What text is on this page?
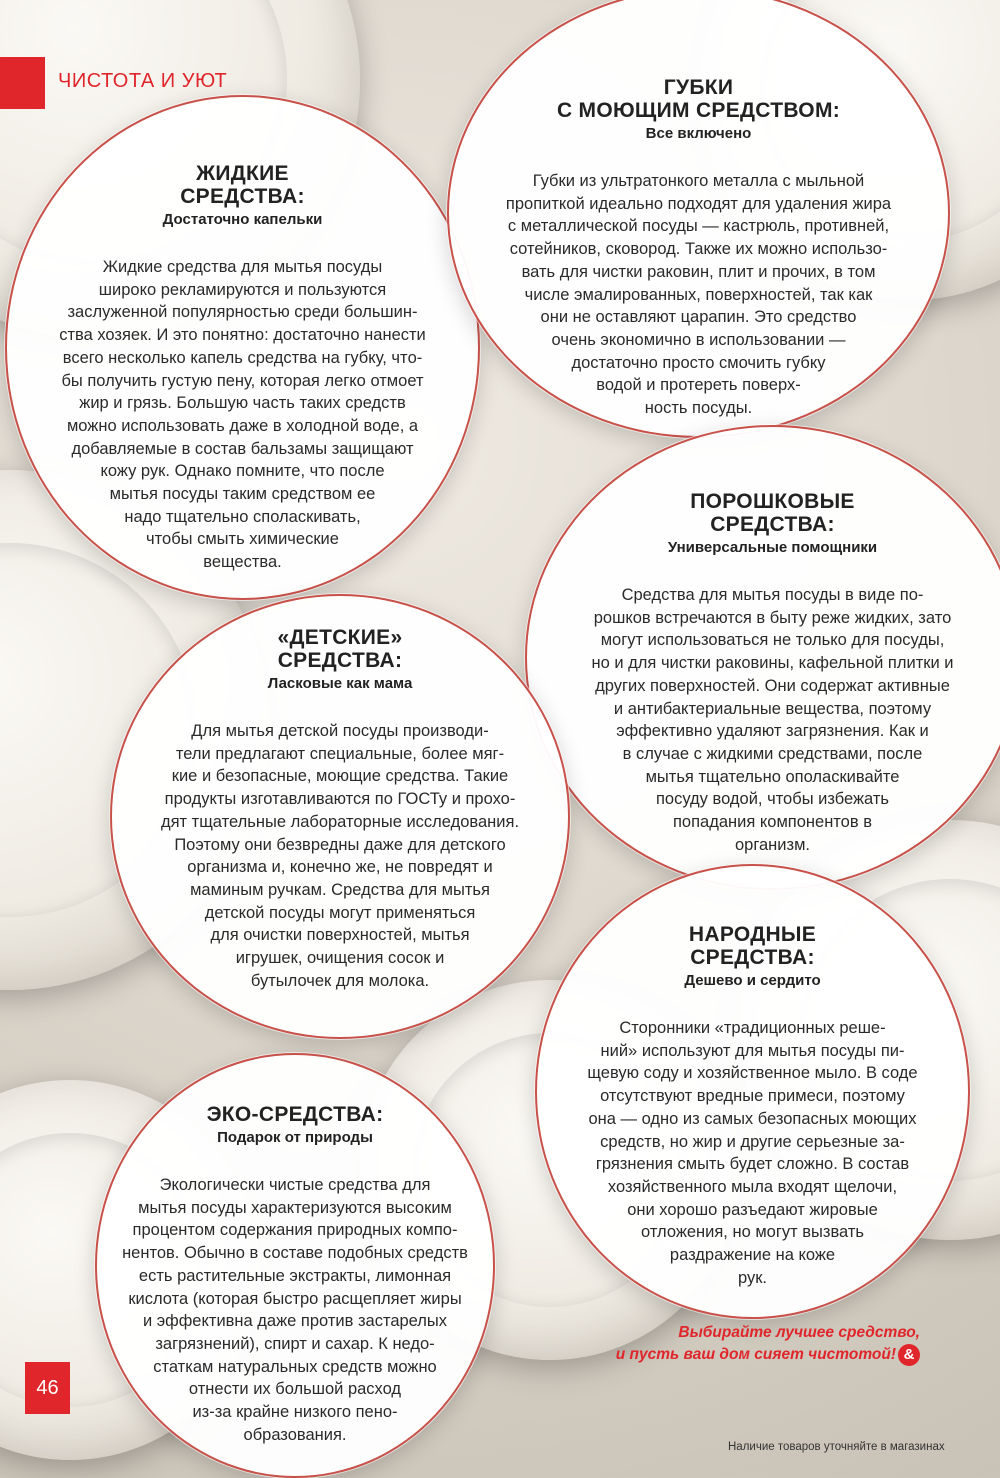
ЧИСТОТА И УЮТ
ЖИДКИЕ
СРЕДСТВА:
Достаточно капельки

Жидкие средства для мытья посуды
широко рекламируются и пользуются
заслуженной популярностью среди большин-
ства хозяек. И это понятно: достаточно нанести
всего несколько капель средства на губку, чтo-
бы получить густую пену, которая легко отмоет
жир и грязь. Большую часть таких средств
можно использовать даже в холодной воде, а
добавляемые в состав бальзамы защищают
кожу рук. Однако помните, что после
мытья посуды таким средством ее
надо тщательно споласкивать,
чтобы смыть химические
вещества.

ГУБКИ
С МОЮЩИМ СРЕДСТВОМ:
Все включено

Губки из ультратонкого металла с мыльной
пропиткой идеально подходят для удаления жира
с металлической посуды — кастрюль, противней,
сотейников, сковород. Также их можно использо-
вать для чистки раковин, плит и прочих, в том
числе эмалированных, поверхностей, так как
они не оставляют царапин. Это средство
очень экономично в использовании —
достаточно просто смочить губку
водой и протереть поверх-
ность посуды.

ПОРОШКОВЫЕ
СРЕДСТВА:
Универсальные помощники

Средства для мытья посуды в виде по-
рошков встречаются в быту реже жидких, зато
могут использоваться не только для посуды,
но и для чистки раковины, кафельной плитки и
других поверхностей. Они содержат активные
и антибактериальные вещества, поэтому
эффективно удаляют загрязнения. Как и
в случае с жидкими средствами, после
мытья тщательно ополаскивайте
посуду водой, чтобы избежать
попадания компонентов в
организм.

«ДЕТСКИЕ»
СРЕДСТВА:
Ласковые как мама

Для мытья детской посуды производи-
тели предлагают специальные, более мяг-
кие и безопасные, моющие средства. Такие
продукты изготавливаются по ГОСТу и прохо-
дят тщательные лабораторные исследования.
Поэтому они безвредны даже для детского
организма и, конечно же, не повредят и
маминым ручкам. Средства для мытья
детской посуды могут применяться
для очистки поверхностей, мытья
игрушек, очищения сосок и
бутылочек для молока.

НАРОДНЫЕ
СРЕДСТВА:
Дешево и сердито

Сторонники «традиционных реше-
ний» используют для мытья посуды пи-
щевую соду и хозяйственное мыло. В соде
отсутствуют вредные примеси, поэтому
она — одно из самых безопасных моющих
средств, но жир и другие серьезные за-
грязнения смыть будет сложно. В состав
хозяйственного мыла входят щелочи,
они хорошо разъедают жировые
отложения, но могут вызвать
раздражение на коже
рук.

ЭКО-СРЕДСТВА:
Подарок от природы

Экологически чистые средства для
мытья посуды характеризуются высоким
процентом содержания природных компо-
нентов. Обычно в составе подобных средств
есть растительные экстракты, лимонная
кислота (которая быстро расщепляет жиры
и эффективна даже против застарелых
загрязнений), спирт и сахар. К недо-
статкам натуральных средств можно
отнести их большой расход
из-за крайне низкого пено-
образования.

Выбирайте лучшее средство,
и пусть ваш дом сияет чистотой! &
46
Наличие товаров уточняйте в магазинах
